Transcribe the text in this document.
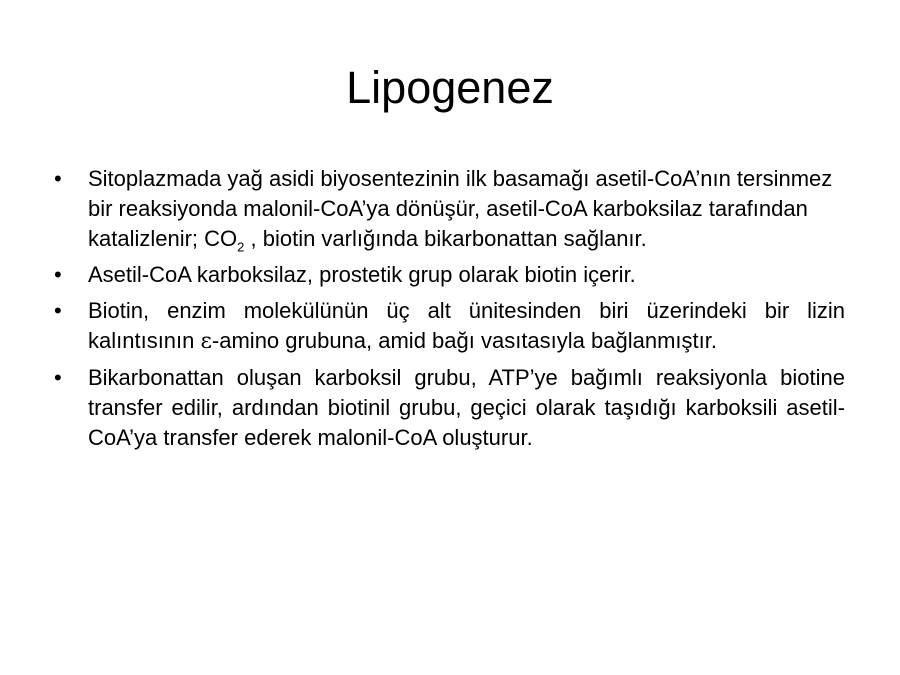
Lipogenez
•	Sitoplazmada yağ asidi biyosentezinin ilk basamağı asetil-CoA’nın tersinmez bir reaksiyonda malonil-CoA’ya dönüşür, asetil-CoA karboksilaz tarafından katalizlenir; $CO_2$ , biotin varlığında bikarbonattan sağlanır.
•	Asetil-CoA karboksilaz, prostetik grup olarak biotin içerir.
•	Biotin, enzim molekülünün üç alt ünitesinden biri üzerindeki bir lizin kalıntısının ε-amino grubuna, amid bağı vasıtasıyla bağlanmıştır.
•	Bikarbonattan oluşan karboksil grubu, ATP’ye bağımlı reaksiyonla biotine transfer edilir, ardından biotinil grubu, geçici olarak taşıdığı karboksili asetil-CoA’ya transfer ederek malonil-CoA oluşturur.
